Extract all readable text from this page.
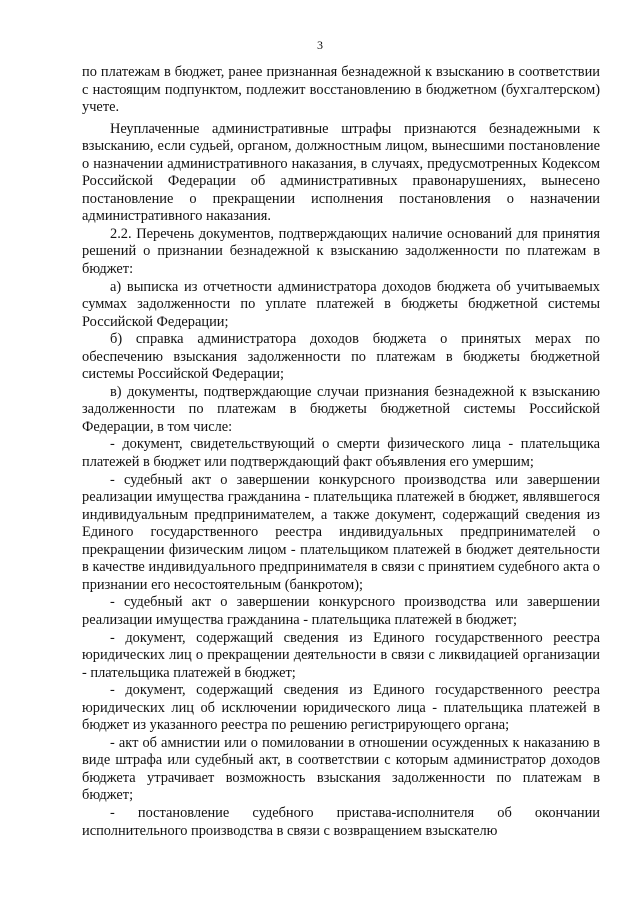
3

по платежам в бюджет, ранее признанная безнадежной к взысканию в соответствии с настоящим подпунктом, подлежит восстановлению в бюджетном (бухгалтерском) учете.

Неуплаченные административные штрафы признаются безнадежными к взысканию, если судьей, органом, должностным лицом, вынесшими постановление о назначении административного наказания, в случаях, предусмотренных Кодексом Российской Федерации об административных правонарушениях, вынесено постановление о прекращении исполнения постановления о назначении административного наказания.

2.2. Перечень документов, подтверждающих наличие оснований для принятия решений о признании безнадежной к взысканию задолженности по платежам в бюджет:

а) выписка из отчетности администратора доходов бюджета об учитываемых суммах задолженности по уплате платежей в бюджеты бюджетной системы Российской Федерации;

б) справка администратора доходов бюджета о принятых мерах по обеспечению взыскания задолженности по платежам в бюджеты бюджетной системы Российской Федерации;

в) документы, подтверждающие случаи признания безнадежной к взысканию задолженности по платежам в бюджеты бюджетной системы Российской Федерации, в том числе:

- документ, свидетельствующий о смерти физического лица - плательщика платежей в бюджет или подтверждающий факт объявления его умершим;

- судебный акт о завершении конкурсного производства или завершении реализации имущества гражданина - плательщика платежей в бюджет, являвшегося индивидуальным предпринимателем, а также документ, содержащий сведения из Единого государственного реестра индивидуальных предпринимателей о прекращении физическим лицом - плательщиком платежей в бюджет деятельности в качестве индивидуального предпринимателя в связи с принятием судебного акта о признании его несостоятельным (банкротом);

- судебный акт о завершении конкурсного производства или завершении реализации имущества гражданина - плательщика платежей в бюджет;

- документ, содержащий сведения из Единого государственного реестра юридических лиц о прекращении деятельности в связи с ликвидацией организации - плательщика платежей в бюджет;

- документ, содержащий сведения из Единого государственного реестра юридических лиц об исключении юридического лица - плательщика платежей в бюджет из указанного реестра по решению регистрирующего органа;

- акт об амнистии или о помиловании в отношении осужденных к наказанию в виде штрафа или судебный акт, в соответствии с которым администратор доходов бюджета утрачивает возможность взыскания задолженности по платежам в бюджет;

- постановление судебного пристава-исполнителя об окончании исполнительного производства в связи с возвращением взыскателю
